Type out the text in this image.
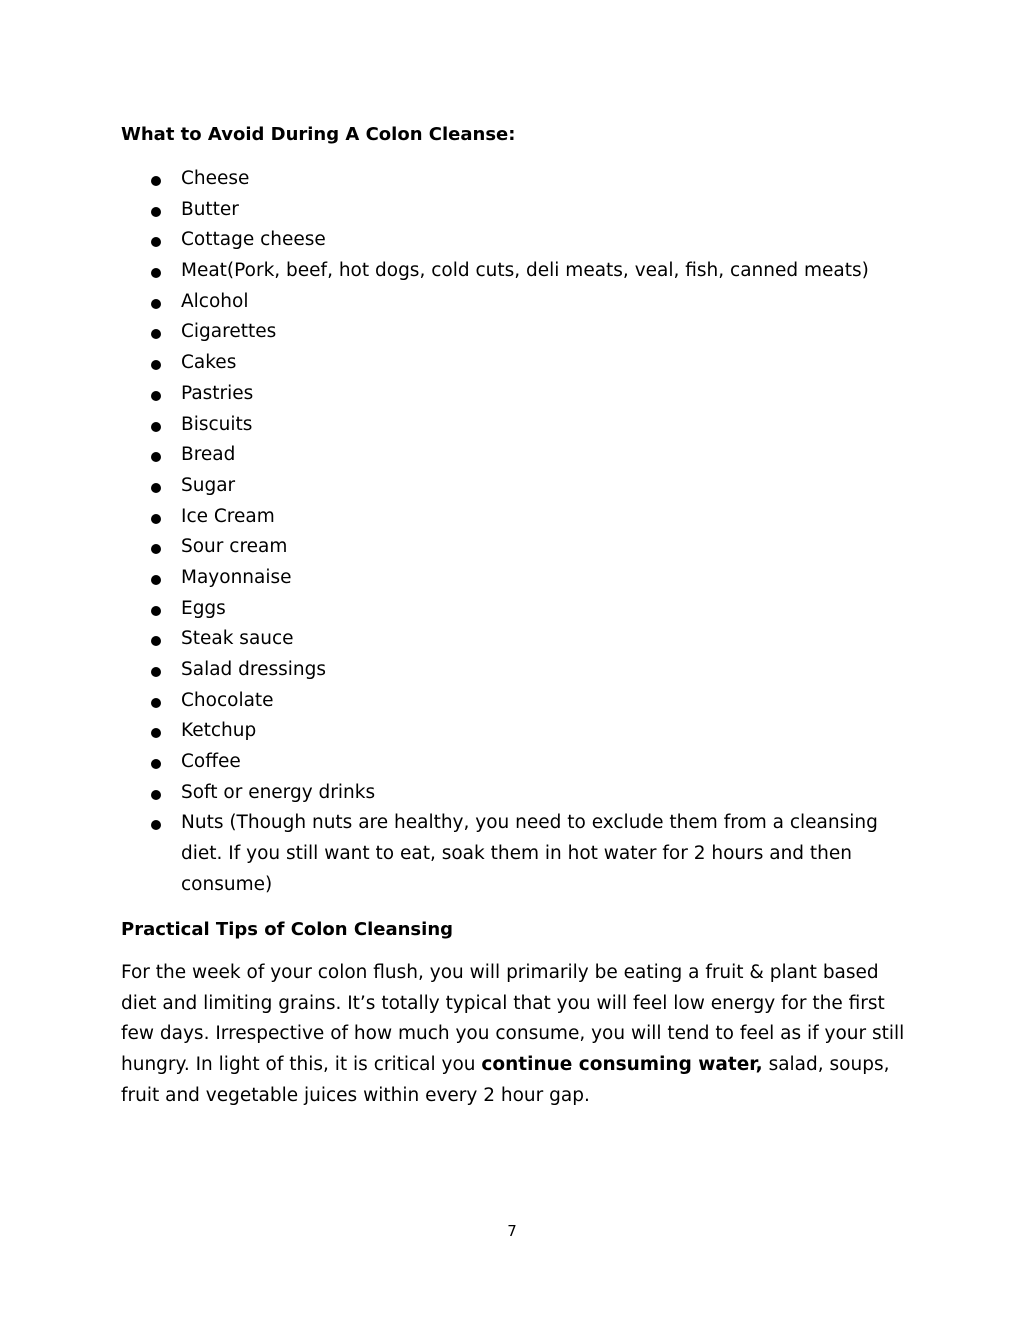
What to Avoid During A Colon Cleanse:
Cheese
Butter
Cottage cheese
Meat(Pork, beef, hot dogs, cold cuts, deli meats, veal, fish, canned meats)
Alcohol
Cigarettes
Cakes
Pastries
Biscuits
Bread
Sugar
Ice Cream
Sour cream
Mayonnaise
Eggs
Steak sauce
Salad dressings
Chocolate
Ketchup
Coffee
Soft or energy drinks
Nuts (Though nuts are healthy, you need to exclude them from a cleansing diet. If you still want to eat, soak them in hot water for 2 hours and then consume)
Practical Tips of Colon Cleansing

For the week of your colon flush, you will primarily be eating a fruit & plant based diet and limiting grains. It’s totally typical that you will feel low energy for the first few days. Irrespective of how much you consume, you will tend to feel as if your still hungry. In light of this, it is critical you continue consuming water, salad, soups, fruit and vegetable juices within every 2 hour gap.

7
